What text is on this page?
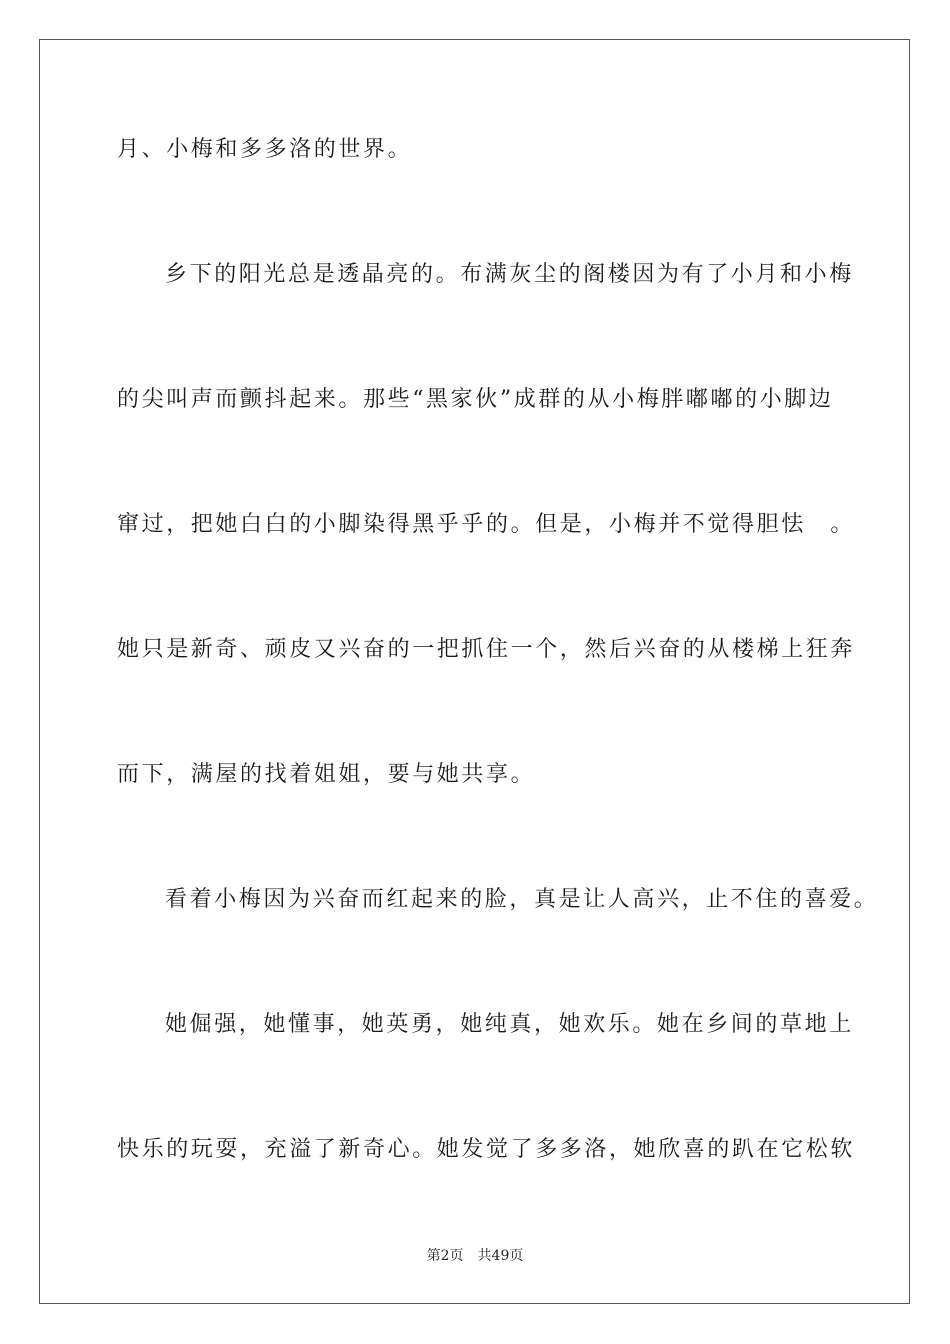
月、小梅和多多洛的世界。
乡下的阳光总是透晶亮的。布满灰尘的阁楼因为有了小月和小梅
的尖叫声而颤抖起来。那些“黑家伙”成群的从小梅胖嘟嘟的小脚边
窜过，把她白白的小脚染得黑乎乎的。但是，小梅并不觉得胆怯　。
她只是新奇、顽皮又兴奋的一把抓住一个，然后兴奋的从楼梯上狂奔
而下，满屋的找着姐姐，要与她共享。
看着小梅因为兴奋而红起来的脸，真是让人高兴，止不住的喜爱。
她倔强，她懂事，她英勇，她纯真，她欢乐。她在乡间的草地上
快乐的玩耍，充溢了新奇心。她发觉了多多洛，她欣喜的趴在它松软
第2页 共49页
